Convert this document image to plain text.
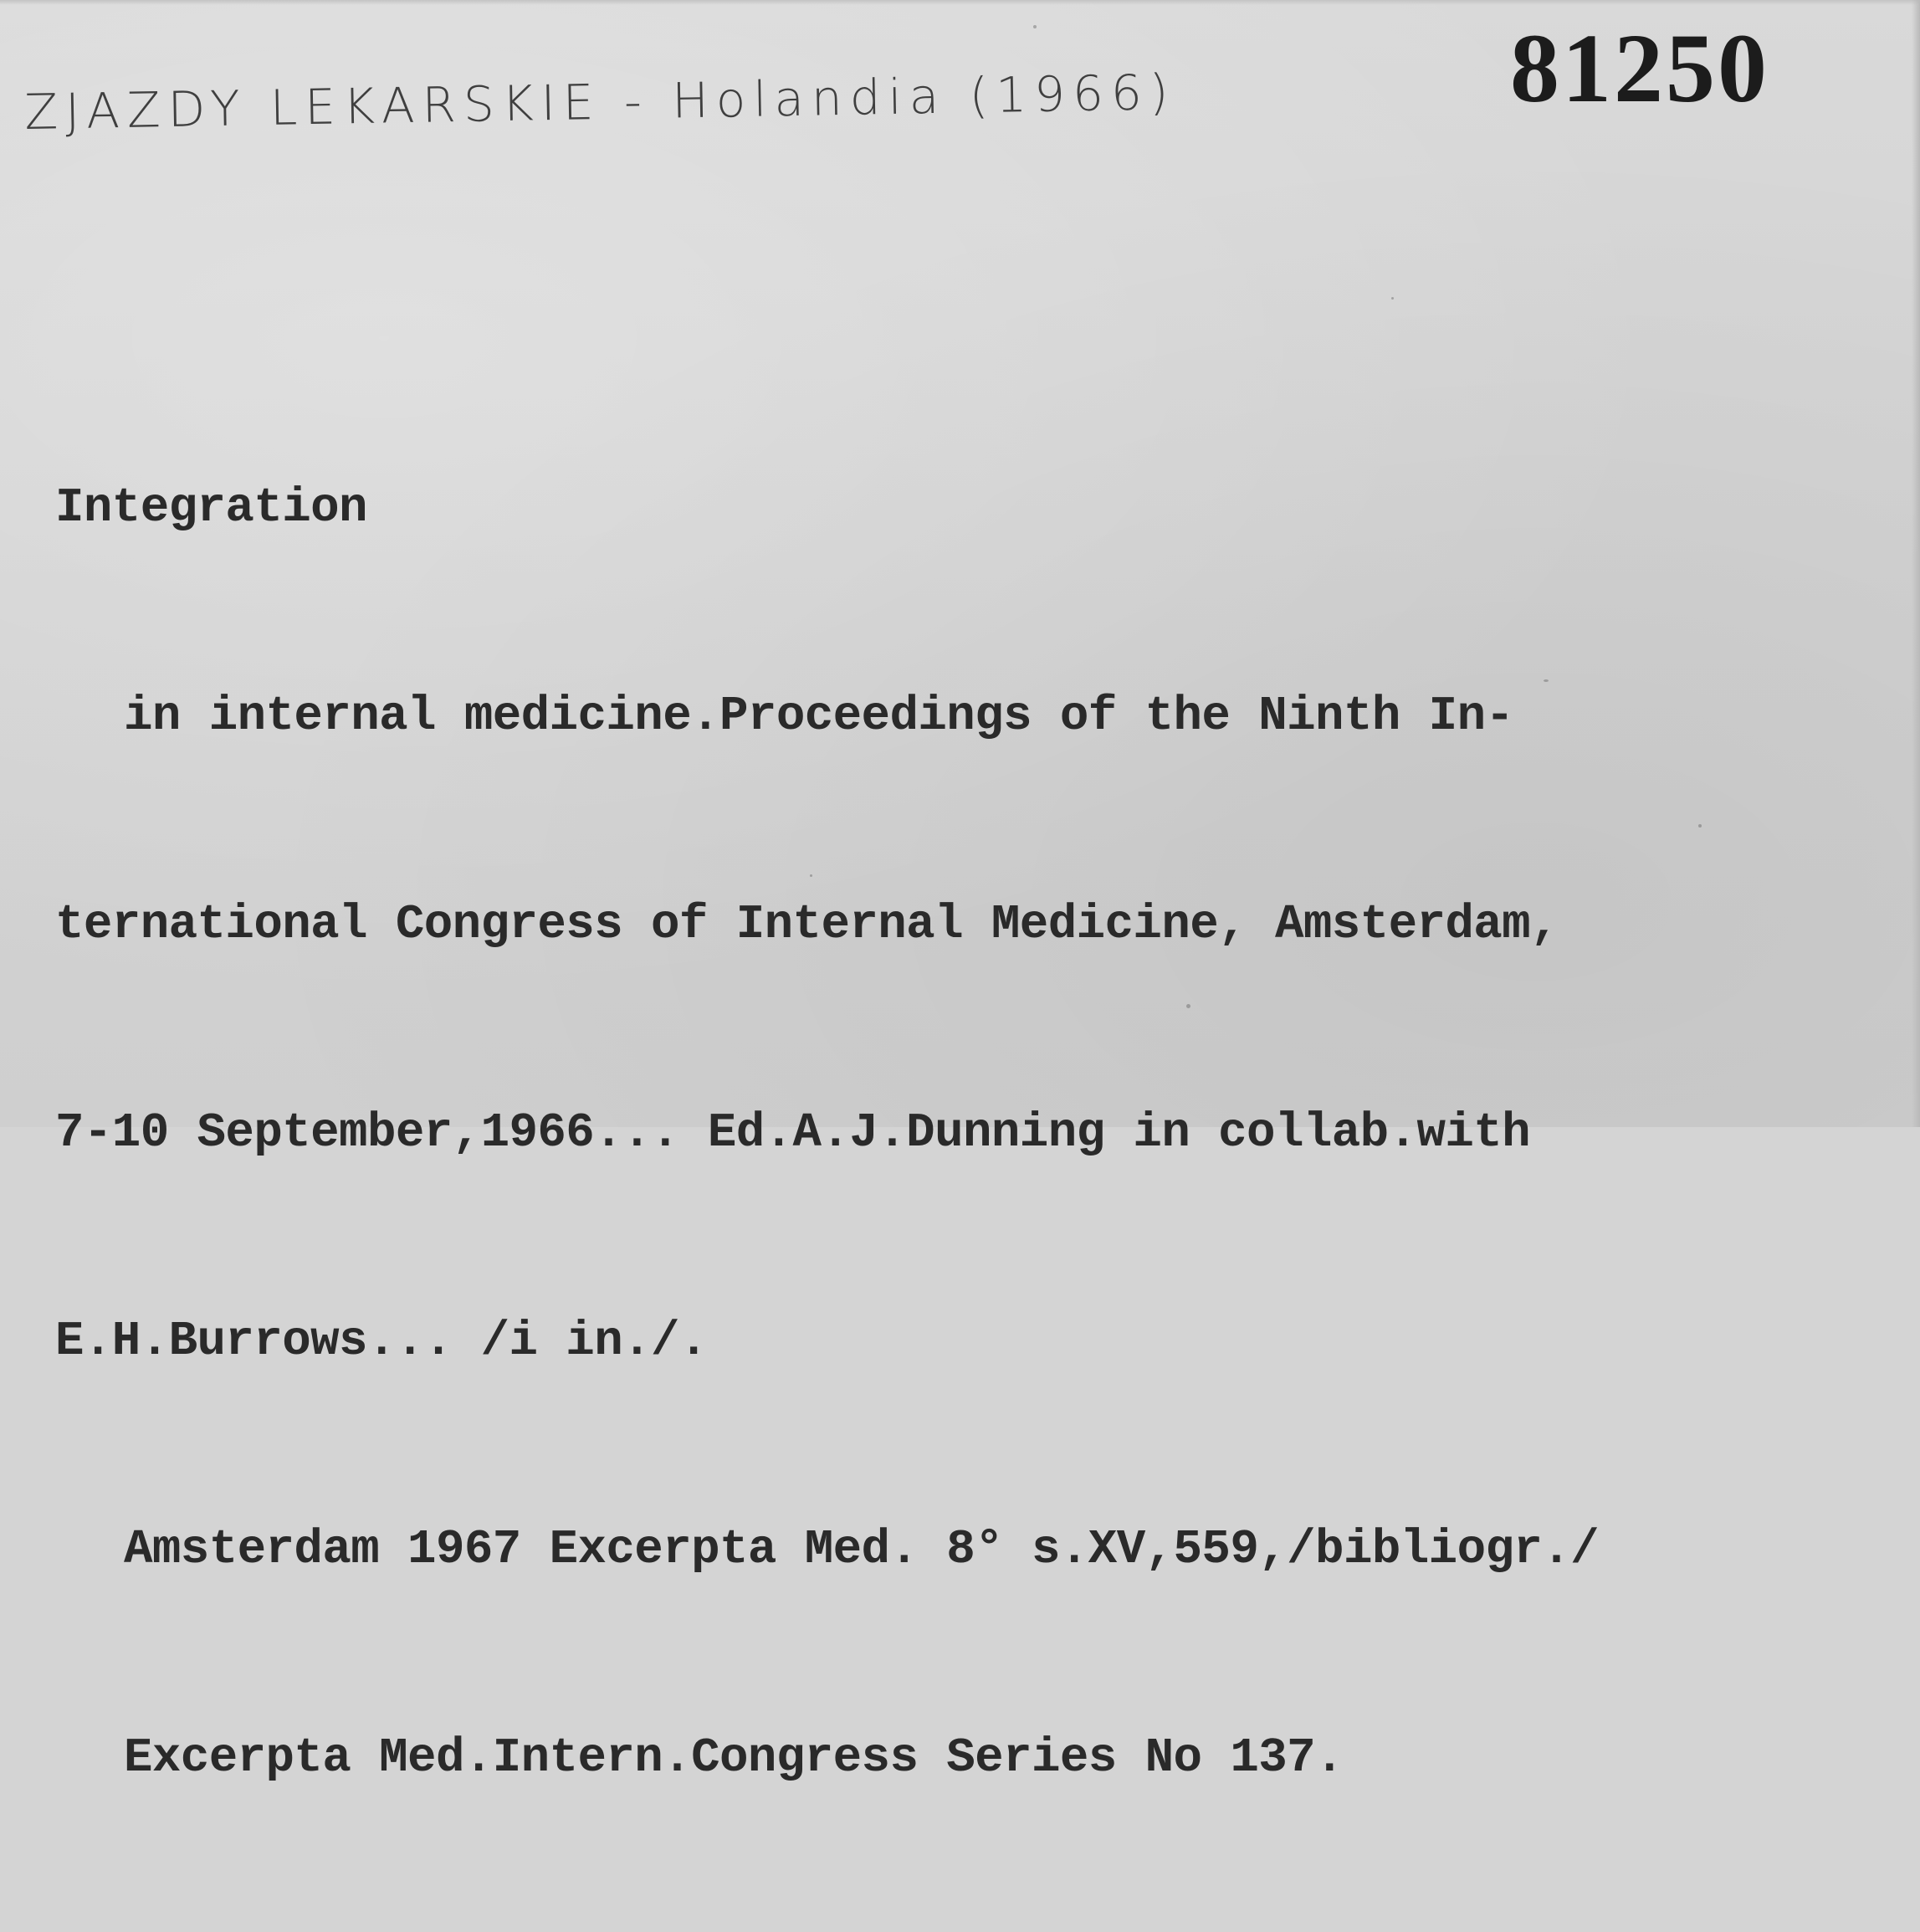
ZJAZDY LEKARSKIE - Holandia (1966)	81250

Integration

in internal medicine.Proceedings of the Ninth In-

ternational Congress of Internal Medicine, Amsterdam,

7-10 September,1966... Ed.A.J.Dunning in collab.with

E.H.Burrows... /i in./.

Amsterdam 1967 Excerpta Med. 8° s.XV,559,/bibliogr./

Excerpta Med.Intern.Congress Series No 137.
